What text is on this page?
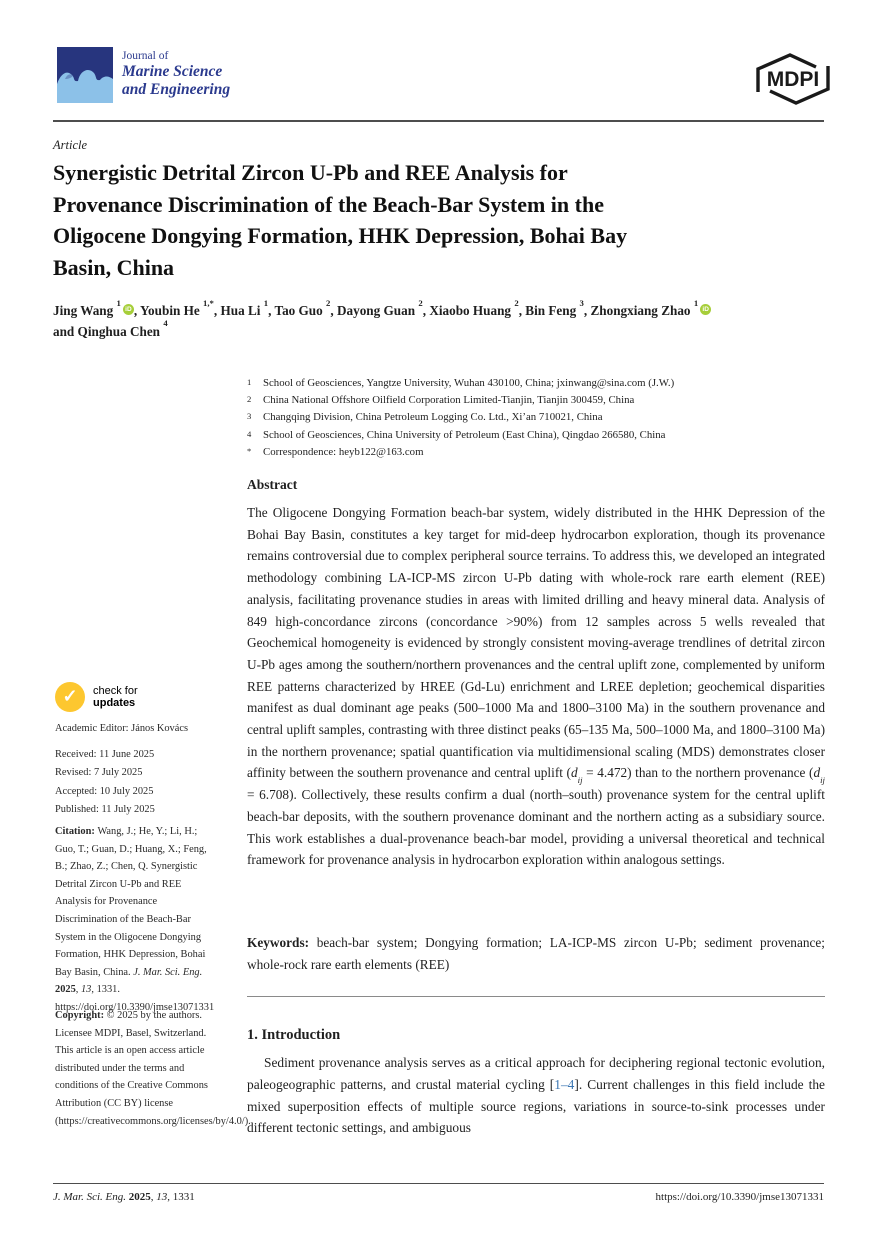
Journal of
Marine Science
and Engineering	MDPI
Article
Synergistic Detrital Zircon U-Pb and REE Analysis for
Provenance Discrimination of the Beach-Bar System in the
Oligocene Dongying Formation, HHK Depression, Bohai Bay
Basin, China
Jing Wang $^1$iD , Youbin He $^{1,*}$, Hua Li $^1$, Tao Guo $^2$, Dayong Guan $^2$, Xiaobo Huang $^2$, Bin Feng $^3$, Zhongxiang Zhao $^1$iD
and Qinghua Chen $^4$
1	School of Geosciences, Yangtze University, Wuhan 430100, China; jxinwang@sina.com (J.W.)
2	China National Offshore Oilfield Corporation Limited-Tianjin, Tianjin 300459, China
3	Changqing Division, China Petroleum Logging Co. Ltd., Xi’an 710021, China
4	School of Geosciences, China University of Petroleum (East China), Qingdao 266580, China
*	Correspondence: heyb122@163.com
Abstract
The Oligocene Dongying Formation beach-bar system, widely distributed in the HHK Depression of the Bohai Bay Basin, constitutes a key target for mid-deep hydrocarbon exploration, though its provenance remains controversial due to complex peripheral source terrains. To address this, we developed an integrated methodology combining LA-ICP-MS zircon U-Pb dating with whole-rock rare earth element (REE) analysis, facilitating provenance studies in areas with limited drilling and heavy mineral data. Analysis of 849 high-concordance zircons (concordance >90%) from 12 samples across 5 wells revealed that Geochemical homogeneity is evidenced by strongly consistent moving-average trendlines of detrital zircon U-Pb ages among the southern/northern provenances and the central uplift zone, complemented by uniform REE patterns characterized by HREE (Gd-Lu) enrichment and LREE depletion; geochemical disparities manifest as dual dominant age peaks (500–1000 Ma and 1800–3100 Ma) in the southern provenance and central uplift samples, contrasting with three distinct peaks (65–135 Ma, 500–1000 Ma, and 1800–3100 Ma) in the northern provenance; spatial quantification via multidimensional scaling (MDS) demonstrates closer affinity between the southern provenance and central uplift $(d_{ij} = 4.472)$ than to the northern provenance $(d_{ij} = 6.708)$. Collectively, these results confirm a dual (north–south) provenance system for the central uplift beach-bar deposits, with the southern provenance dominant and the northern acting as a subsidiary source. This work establishes a dual-provenance beach-bar model, providing a universal theoretical and technical framework for provenance analysis in hydrocarbon exploration within analogous settings.
Keywords: beach-bar system; Dongying formation; LA-ICP-MS zircon U-Pb; sediment provenance; whole-rock rare earth elements (REE)
1. Introduction
Sediment provenance analysis serves as a critical approach for deciphering regional tectonic evolution, paleogeographic patterns, and crustal material cycling [1–4]. Current challenges in this field include the mixed superposition effects of multiple source regions, variations in source-to-sink processes under different tectonic settings, and ambiguous
✓ check for
updates
Academic Editor: János Kovács
Received: 11 June 2025
Revised: 7 July 2025
Accepted: 10 July 2025
Published: 11 July 2025
Citation: Wang, J.; He, Y.; Li, H.; Guo, T.; Guan, D.; Huang, X.; Feng, B.; Zhao, Z.; Chen, Q. Synergistic Detrital Zircon U-Pb and REE Analysis for Provenance Discrimination of the Beach-Bar System in the Oligocene Dongying Formation, HHK Depression, Bohai Bay Basin, China. J. Mar. Sci. Eng. 2025, 13, 1331. https://doi.org/10.3390/jmse13071331
Copyright: © 2025 by the authors. Licensee MDPI, Basel, Switzerland. This article is an open access article distributed under the terms and conditions of the Creative Commons Attribution (CC BY) license (https://creativecommons.org/licenses/by/4.0/).
J. Mar. Sci. Eng. 2025, 13, 1331	https://doi.org/10.3390/jmse13071331
